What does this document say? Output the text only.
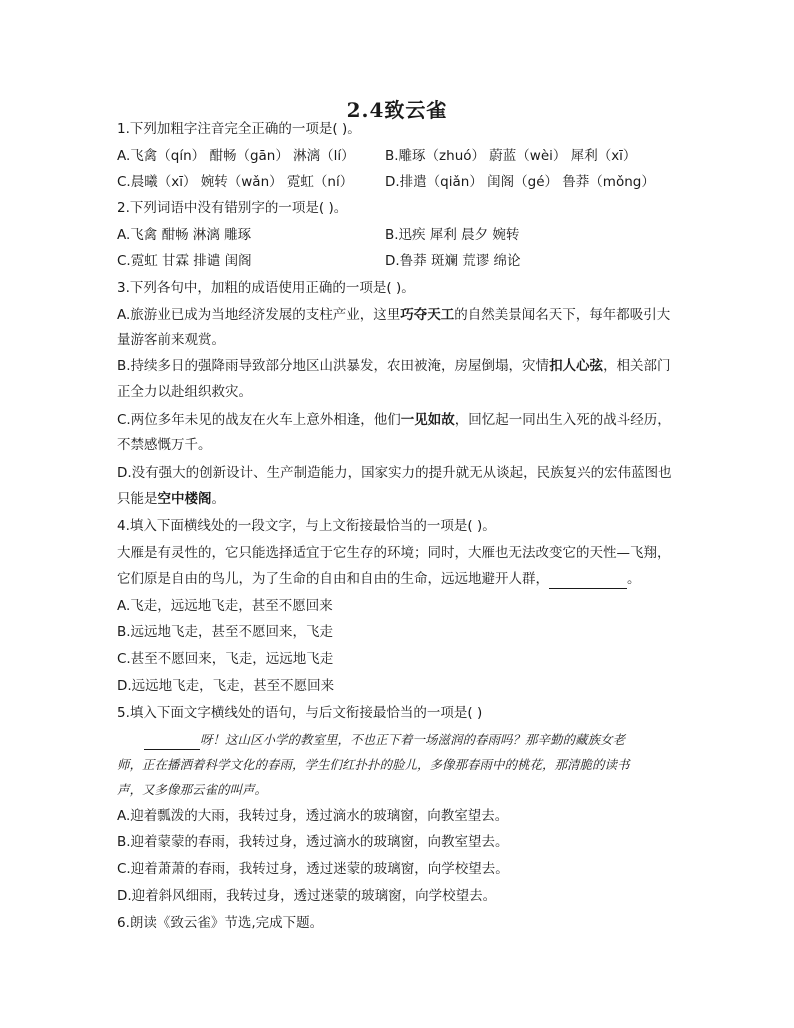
2.4致云雀
1.下列加粗字注音完全正确的一项是( )。
A.飞禽（qín） 酣畅（gān） 淋漓（lí） B.雕琢（zhuó） 蔚蓝（wèi） 犀利（xī）
C.晨曦（xī） 婉转（wǎn） 霓虹（ní） D.排遣（qiǎn） 闺阁（gé） 鲁莽（mǒng）
2.下列词语中没有错别字的一项是( )。
A.飞禽 酣畅 淋漓 雕琢	B.迅疾 犀利 晨夕 婉转
C.霓虹 甘霖 排谴 闺阁	D.鲁莽 斑斓 荒谬 绵论
3.下列各句中，加粗的成语使用正确的一项是( )。
A.旅游业已成为当地经济发展的支柱产业，这里巧夺天工的自然美景闻名天下，每年都吸引大
量游客前来观赏。
B.持续多日的强降雨导致部分地区山洪暴发，农田被淹，房屋倒塌，灾情扣人心弦，相关部门
正全力以赴组织救灾。
C.两位多年未见的战友在火车上意外相逢，他们一见如故，回忆起一同出生入死的战斗经历，
不禁感慨万千。
D.没有强大的创新设计、生产制造能力，国家实力的提升就无从谈起，民族复兴的宏伟蓝图也
只能是空中楼阁。
4.填入下面横线处的一段文字，与上文衔接最恰当的一项是( )。
大雁是有灵性的，它只能选择适宜于它生存的环境；同时，大雁也无法改变它的天性—飞翔，
它们原是自由的鸟儿，为了生命的自由和自由的生命，远远地避开人群，	。
A.飞走，远远地飞走，甚至不愿回来
B.远远地飞走，甚至不愿回来，飞走
C.甚至不愿回来，飞走，远远地飞走
D.远远地飞走，飞走，甚至不愿回来
5.填入下面文字横线处的语句，与后文衔接最恰当的一项是( )
呀！这山区小学的教室里，不也正下着一场滋润的春雨吗？那辛勤的藏族女老
师，正在播洒着科学文化的春雨，学生们红扑扑的脸儿，多像那春雨中的桃花，那清脆的读书
声，又多像那云雀的叫声。
A.迎着瓢泼的大雨，我转过身，透过滴水的玻璃窗，向教室望去。
B.迎着蒙蒙的春雨，我转过身，透过滴水的玻璃窗，向教室望去。
C.迎着萧萧的春雨，我转过身，透过迷蒙的玻璃窗，向学校望去。
D.迎着斜风细雨，我转过身，透过迷蒙的玻璃窗，向学校望去。
6.朗读《致云雀》节选,完成下题。
